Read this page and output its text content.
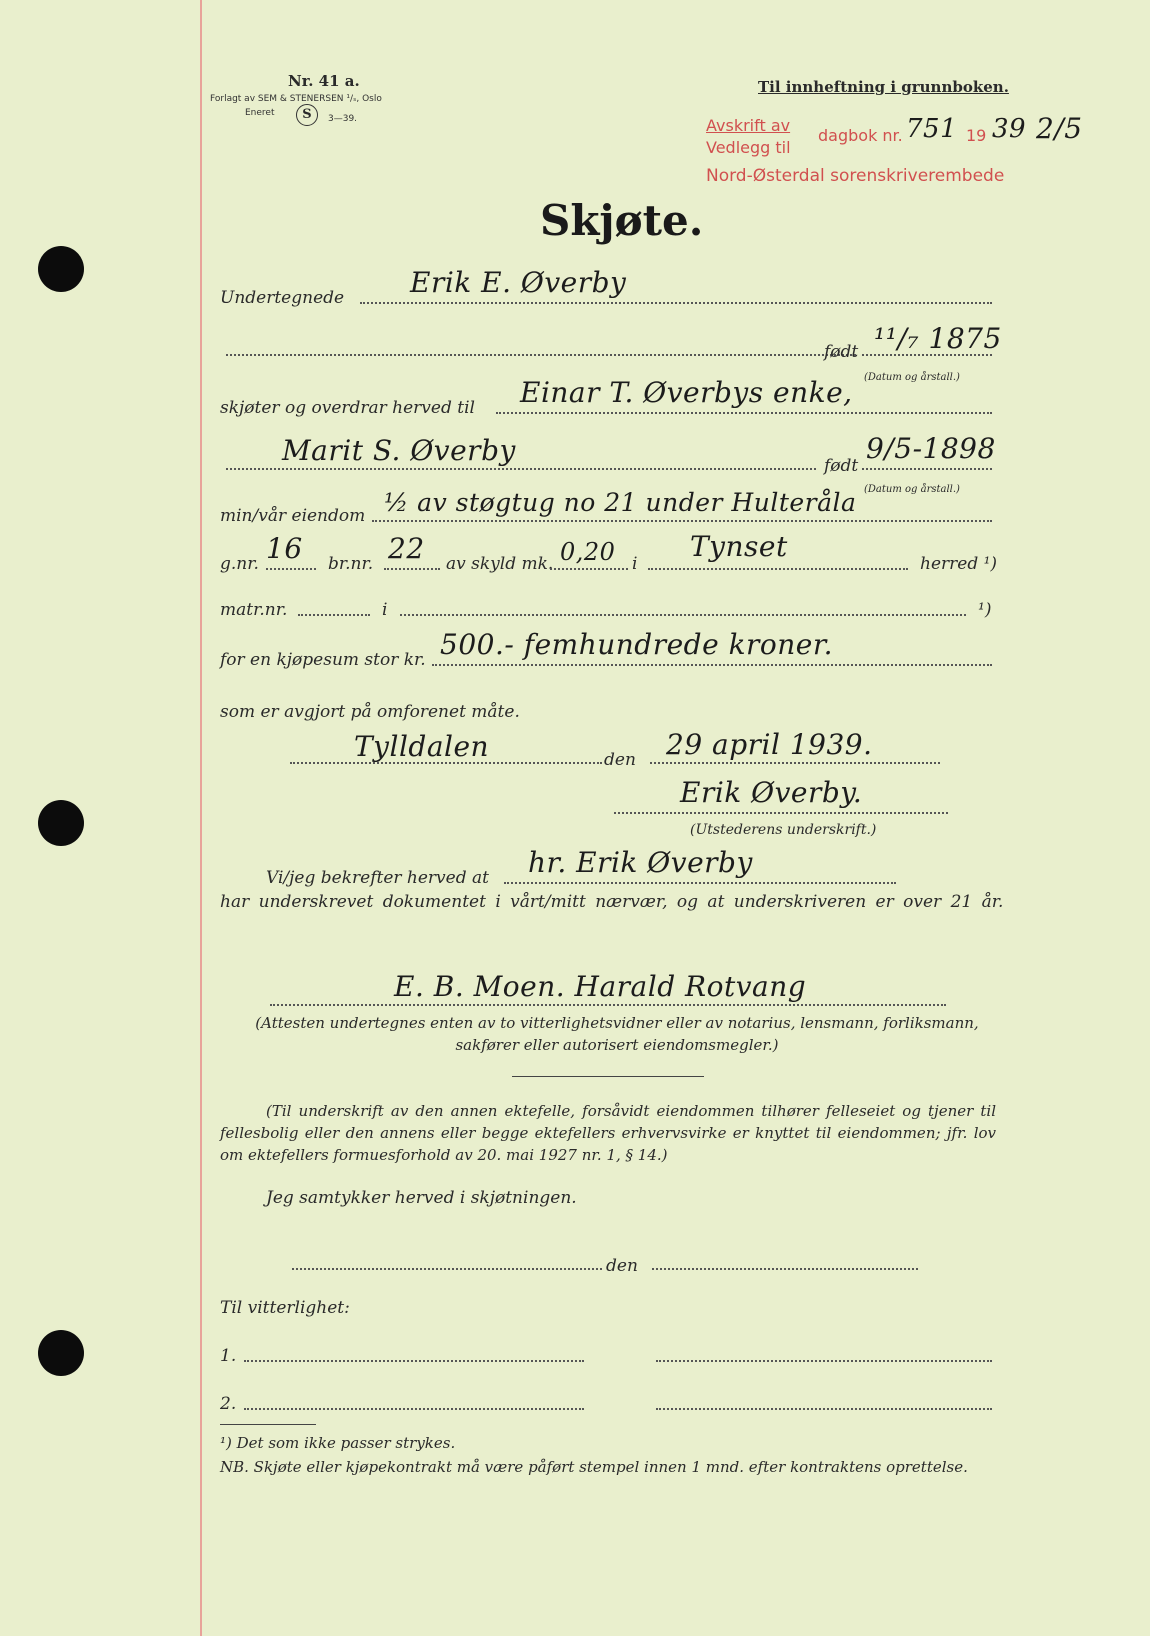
Nr. 41 a.
Forlagt av SEM & STENERSEN ¹/ₛ, Oslo
Eneret	S	3—39.
Til innheftning i grunnboken.
Avskrift av
Vedlegg til
dagbok nr. 751 19 39 2/5
Nord-Østerdal sorenskriverembede
Skjøte.
Undertegnede Erik E. Øverby
født ¹¹/₇ 1875
(Datum og årstall.)
skjøter og overdrar herved til Einar T. Øverbys enke,
Marit S. Øverby	født
9/5-1898
(Datum og årstall.)
min/vår eiendom ½ av støgtug no 21 under Hulteråla
g.nr. 16 br.nr. 22 av skyld mk. 0,20 i
Tynset
herred ¹)
matr.nr.	i	¹)
for en kjøpesum stor kr. 500.- femhundrede kroner.
som er avgjort på omforenet måte.
Tylldalen	den 29 april 1939.
Erik Øverby.
(Utstederens underskrift.)
Vi/jeg bekrefter herved at hr. Erik Øverby
har underskrevet dokumentet i vårt/mitt nærvær, og at underskriveren er over 21 år.
E. B. Moen. Harald Rotvang
(Attesten undertegnes enten av to vitterlighetsvidner eller av notarius, lensmann, forliksmann, sakfører eller autorisert eiendomsmegler.)
(Til underskrift av den annen ektefelle, forsåvidt eiendommen tilhører felleseiet og tjener til fellesbolig eller den annens eller begge ektefellers erhvervsvirke er knyttet til eiendommen; jfr. lov om ektefellers formuesforhold av 20. mai 1927 nr. 1, § 14.)
Jeg samtykker herved i skjøtningen.
den
Til vitterlighet:
1.
2.
¹) Det som ikke passer strykes.
NB. Skjøte eller kjøpekontrakt må være påført stempel innen 1 mnd. efter kontraktens oprettelse.
